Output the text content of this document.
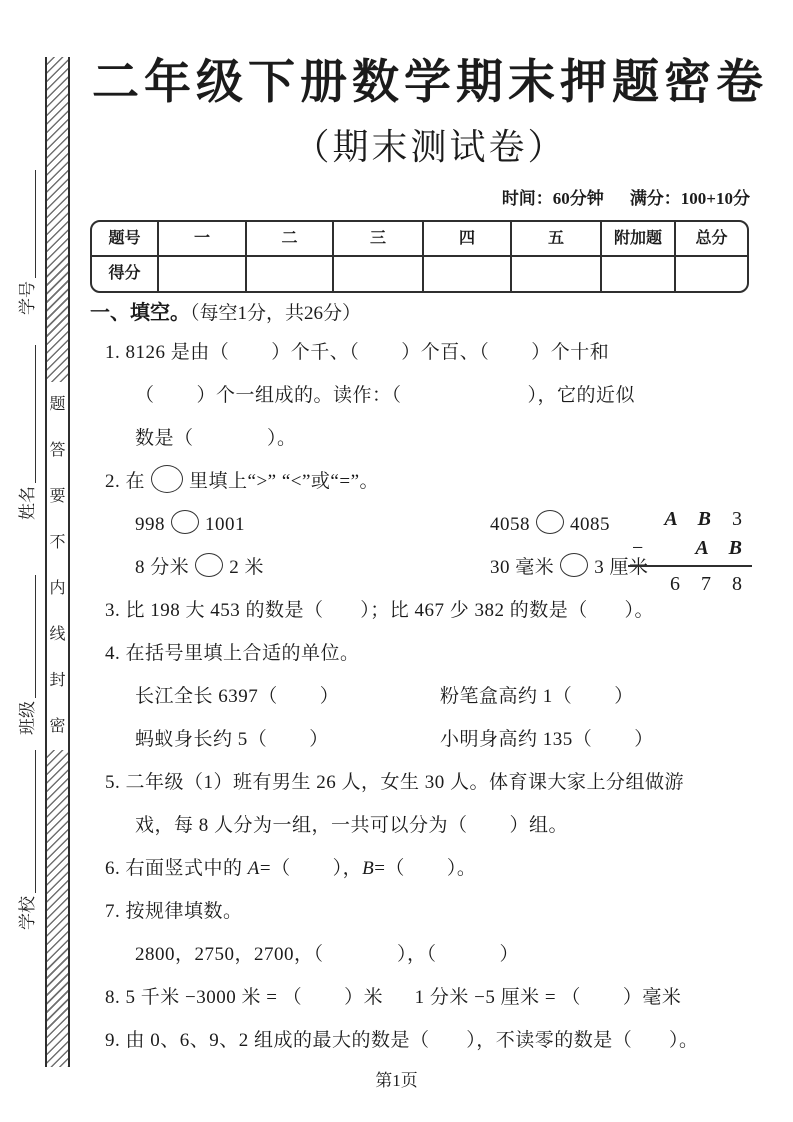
题
答
要
不
内
线
封
密
学号
姓名
班级
学校
二年级下册数学期末押题密卷
（期末测试卷）
时间：60分钟 满分：100+10分
题号	一	二	三	四	五	附加题	总分
得分
一、填空。（每空1分，共26分）
1. 8126 是由（        ）个千、（        ）个百、（        ）个十和
（        ）个一组成的。读作：（                        ），它的近似
数是（              ）。
2. 在 里填上“>” “<”或“=”。
998 1001	4058 4085
8 分米 2 米	30 毫米 3 厘米
3. 比 198 大 453 的数是（       ）；比 467 少 382 的数是（       ）。
4. 在括号里填上合适的单位。
长江全长 6397（        ）	粉笔盒高约 1（        ）
蚂蚁身长约 5（        ）	小明身高约 135（        ）
5. 二年级（1）班有男生 26 人，女生 30 人。体育课大家上分组做游
戏，每 8 人分为一组，一共可以分为（        ）组。
6. 右面竖式中的 A=（        ），B=（        ）。
7. 按规律填数。
2800，2750，2700，（              ），（            ）
8. 5 千米 −3000 米 = （        ）米      1 分米 −5 厘米 = （        ）毫米
9. 由 0、6、9、2 组成的最大的数是（       ），不读零的数是（       ）。
A B 3
−	A B
6 7 8
第1页
